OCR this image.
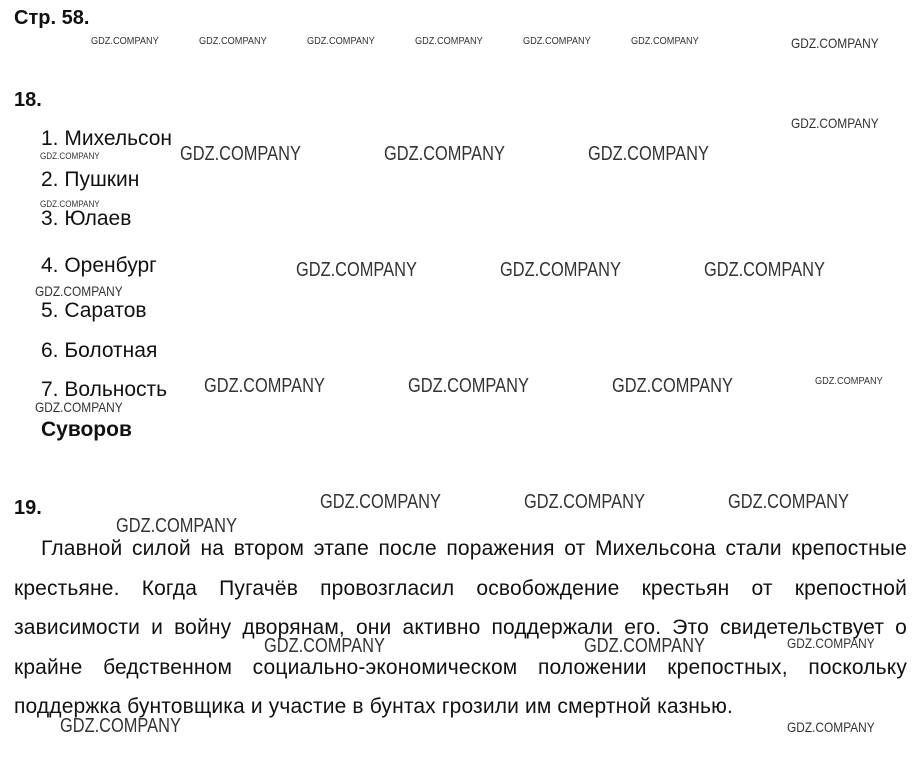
Стр. 58.
18.
1. Михельсон
2. Пушкин
3. Юлаев
4. Оренбург
5. Саратов
6. Болотная
7. Вольность
Суворов
19.
Главной силой на втором этапе после поражения от Михельсона стали крепостные крестьяне. Когда Пугачёв провозгласил освобождение крестьян от крепостной зависимости и войну дворянам, они активно поддержали его. Это свидетельствует о крайне бедственном социально-экономическом положении крепостных, поскольку поддержка бунтовщика и участие в бунтах грозили им смертной казнью.
GDZ.COMPANY	GDZ.COMPANY	GDZ.COMPANY	GDZ.COMPANY	GDZ.COMPANY	GDZ.COMPANY	GDZ.COMPANY
GDZ.COMPANY
GDZ.COMPANY	GDZ.COMPANY	GDZ.COMPANY	GDZ.COMPANY
GDZ.COMPANY
GDZ.COMPANY	GDZ.COMPANY	GDZ.COMPANY
GDZ.COMPANY
GDZ.COMPANY	GDZ.COMPANY	GDZ.COMPANY	GDZ.COMPANY
GDZ.COMPANY
GDZ.COMPANY	GDZ.COMPANY	GDZ.COMPANY
GDZ.COMPANY
GDZ.COMPANY	GDZ.COMPANY	GDZ.COMPANY
GDZ.COMPANY	GDZ.COMPANY
